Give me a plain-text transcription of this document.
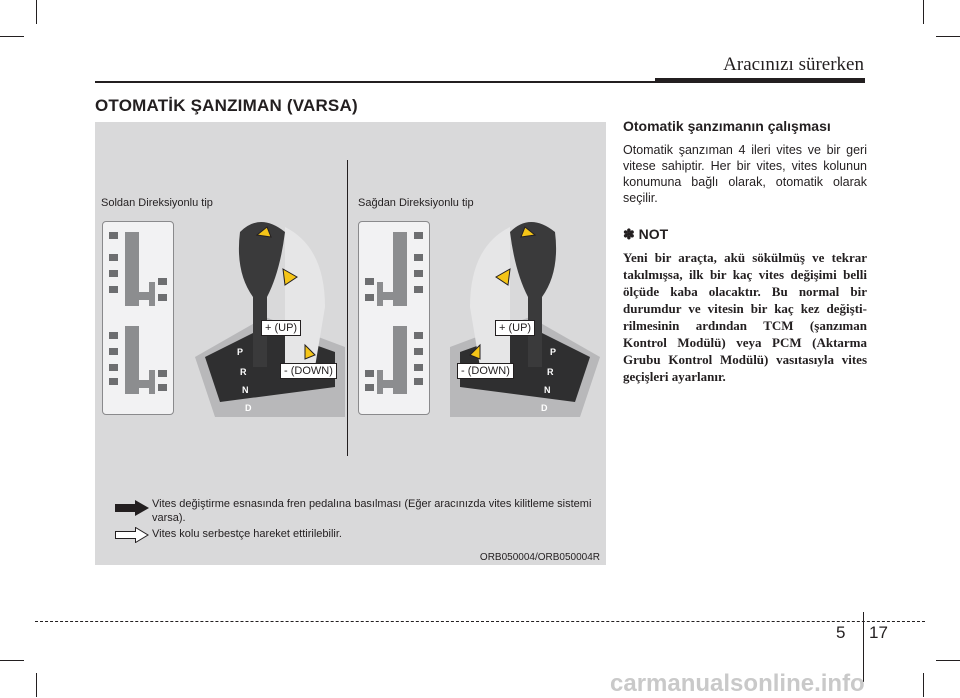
Aracınızı sürerken
OTOMATİK ŞANZIMAN (VARSA)
Soldan Direksiyonlu tip	Sağdan Direksiyonlu tip
P
R
N
D
+ (UP)
- (DOWN)
P
R
N
D
+ (UP)
- (DOWN)
Vites değiştirme esnasında fren pedalına basılması (Eğer aracınızda vites kilitleme sistemi varsa).
Vites kolu serbestçe hareket ettirilebilir.
ORB050004/ORB050004R

Otomatik şanzımanın çalışması

Otomatik şanzıman 4 ileri vites ve bir geri vitese sahiptir. Her bir vites, vites kolunun konumuna bağlı olarak, otomatik olarak seçilir.

✽ NOT

Yeni bir araçta, akü sökülmüş ve tekrar takılmışsa, ilk bir kaç vites değişimi belli ölçüde kaba olacaktır. Bu normal bir durumdur ve vitesin bir kaç kez değişti-rilmesinin ardından TCM (şanzıman Kontrol Modülü) veya PCM (Aktarma Grubu Kontrol Modülü) vasıtasıyla vites geçişleri ayarlanır.

5 17
carmanualsonline.info
